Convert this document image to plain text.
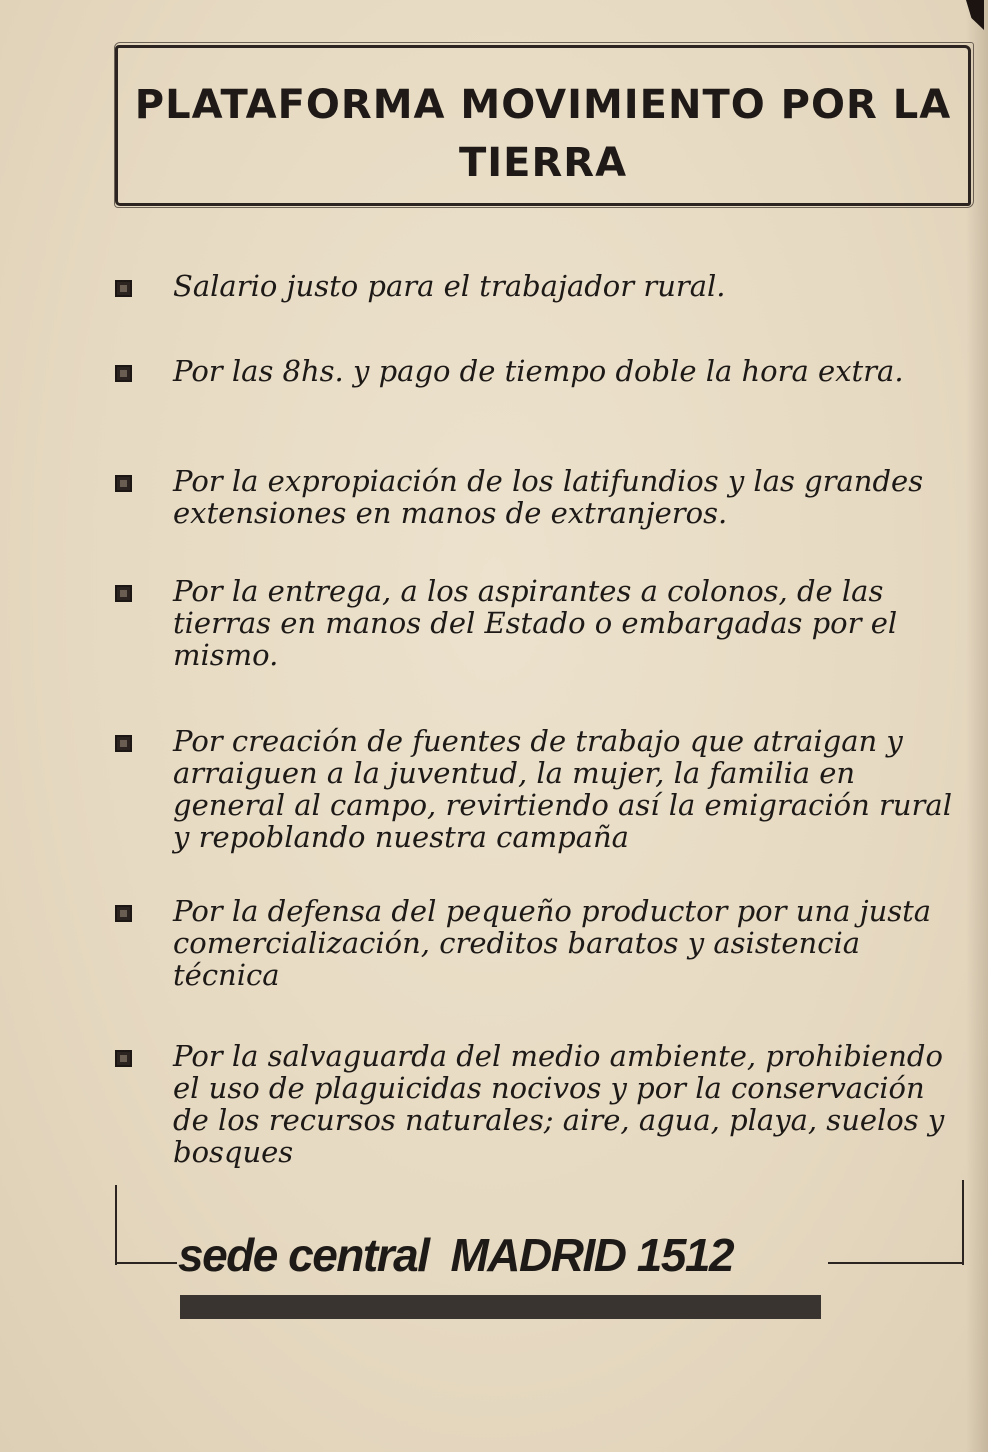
PLATAFORMA MOVIMIENTO POR LA TIERRA
Salario justo para el trabajador rural.
Por las 8hs. y pago de tiempo doble la hora extra.
Por la expropiación de los latifundios y las grandes extensiones en manos de extranjeros.
Por la entrega, a los aspirantes a colonos, de las tierras en manos del Estado o embargadas por el mismo.
Por creación de fuentes de trabajo que atraigan y arraiguen a la juventud, la mujer, la familia en general al campo, revirtiendo así la emigración rural y repoblando nuestra campaña
Por la defensa del pequeño productor por una justa comercialización, creditos baratos y asistencia técnica
Por la salvaguarda del medio ambiente, prohibiendo el uso de plaguicidas nocivos y por la conservación de los recursos naturales; aire, agua, playa, suelos y bosques
sede central MADRID 1512
